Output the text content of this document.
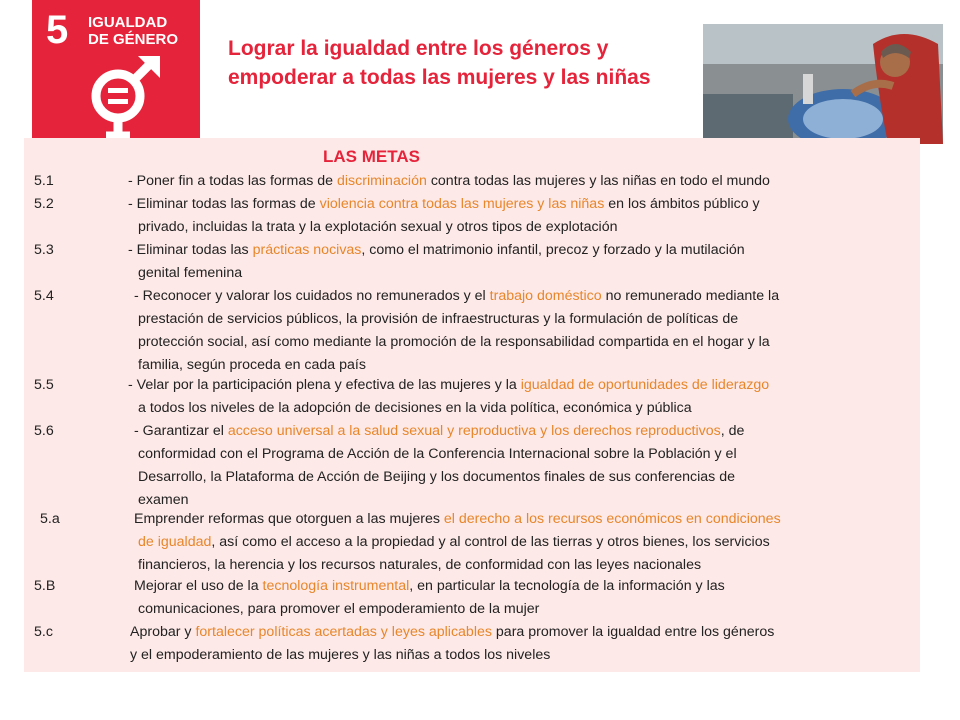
5 IGUALDAD
DE GÉNERO	Lograr la igualdad entre los géneros y
empoderar a todas las mujeres y las niñas
LAS METAS
5.1	- Poner fin a todas las formas de discriminación contra todas las mujeres y las niñas en todo el mundo
5.2	- Eliminar todas las formas de violencia contra todas las mujeres y las niñas en los ámbitos público y
privado, incluidas la trata y la explotación sexual y otros tipos de explotación
5.3	- Eliminar todas las prácticas nocivas, como el matrimonio infantil, precoz y forzado y la mutilación
genital femenina
5.4	- Reconocer y valorar los cuidados no remunerados y el trabajo doméstico no remunerado mediante la
prestación de servicios públicos, la provisión de infraestructuras y la formulación de políticas de
protección social, así como mediante la promoción de la responsabilidad compartida en el hogar y la
familia, según proceda en cada país
5.5	- Velar por la participación plena y efectiva de las mujeres y la igualdad de oportunidades de liderazgo
a todos los niveles de la adopción de decisiones en la vida política, económica y pública
5.6	- Garantizar el acceso universal a la salud sexual y reproductiva y los derechos reproductivos, de
conformidad con el Programa de Acción de la Conferencia Internacional sobre la Población y el
Desarrollo, la Plataforma de Acción de Beijing y los documentos finales de sus conferencias de
examen
5.a	Emprender reformas que otorguen a las mujeres el derecho a los recursos económicos en condiciones
de igualdad, así como el acceso a la propiedad y al control de las tierras y otros bienes, los servicios
financieros, la herencia y los recursos naturales, de conformidad con las leyes nacionales
5.B	Mejorar el uso de la tecnología instrumental, en particular la tecnología de la información y las
comunicaciones, para promover el empoderamiento de la mujer
5.c	Aprobar y fortalecer políticas acertadas y leyes aplicables para promover la igualdad entre los géneros
y el empoderamiento de las mujeres y las niñas a todos los niveles
